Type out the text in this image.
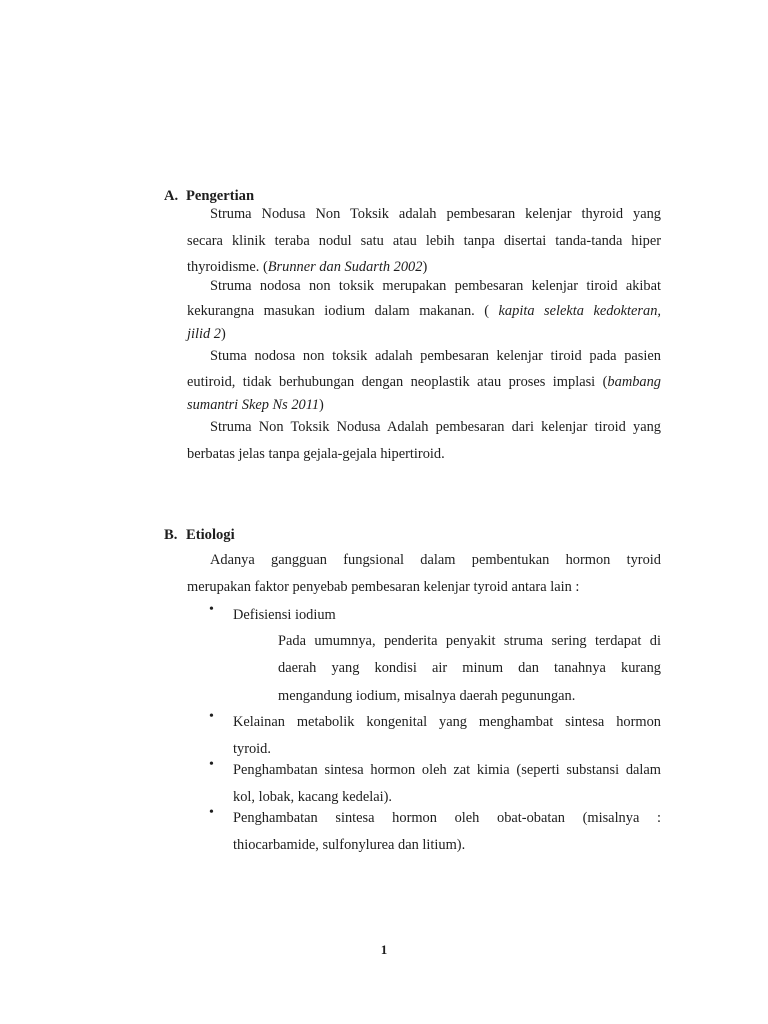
A. Pengertian

Struma Nodusa Non Toksik adalah pembesaran kelenjar thyroid yang
secara klinik teraba nodul satu atau lebih tanpa disertai tanda-tanda hiper
thyroidisme. (Brunner dan Sudarth 2002)

Struma nodosa non toksik merupakan pembesaran kelenjar tiroid akibat
kekurangna masukan iodium dalam makanan. ( kapita selekta kedokteran,
jilid 2)

Stuma nodosa non toksik adalah pembesaran kelenjar tiroid pada pasien
eutiroid, tidak berhubungan dengan neoplastik atau proses implasi (bambang
sumantri Skep Ns 2011)

Struma Non Toksik Nodusa Adalah pembesaran dari kelenjar tiroid yang
berbatas jelas tanpa gejala-gejala hipertiroid.

B. Etiologi

Adanya gangguan fungsional dalam pembentukan hormon tyroid
merupakan faktor penyebab pembesaran kelenjar tyroid antara lain :

• Defisiensi iodium

Pada umumnya, penderita penyakit struma sering terdapat di
daerah yang kondisi air minum dan tanahnya kurang
mengandung iodium, misalnya daerah pegunungan.

• Kelainan metabolik kongenital yang menghambat sintesa hormon
tyroid.
• Penghambatan sintesa hormon oleh zat kimia (seperti substansi dalam
kol, lobak, kacang kedelai).
• Penghambatan sintesa hormon oleh obat-obatan (misalnya :
thiocarbamide, sulfonylurea dan litium).
1
